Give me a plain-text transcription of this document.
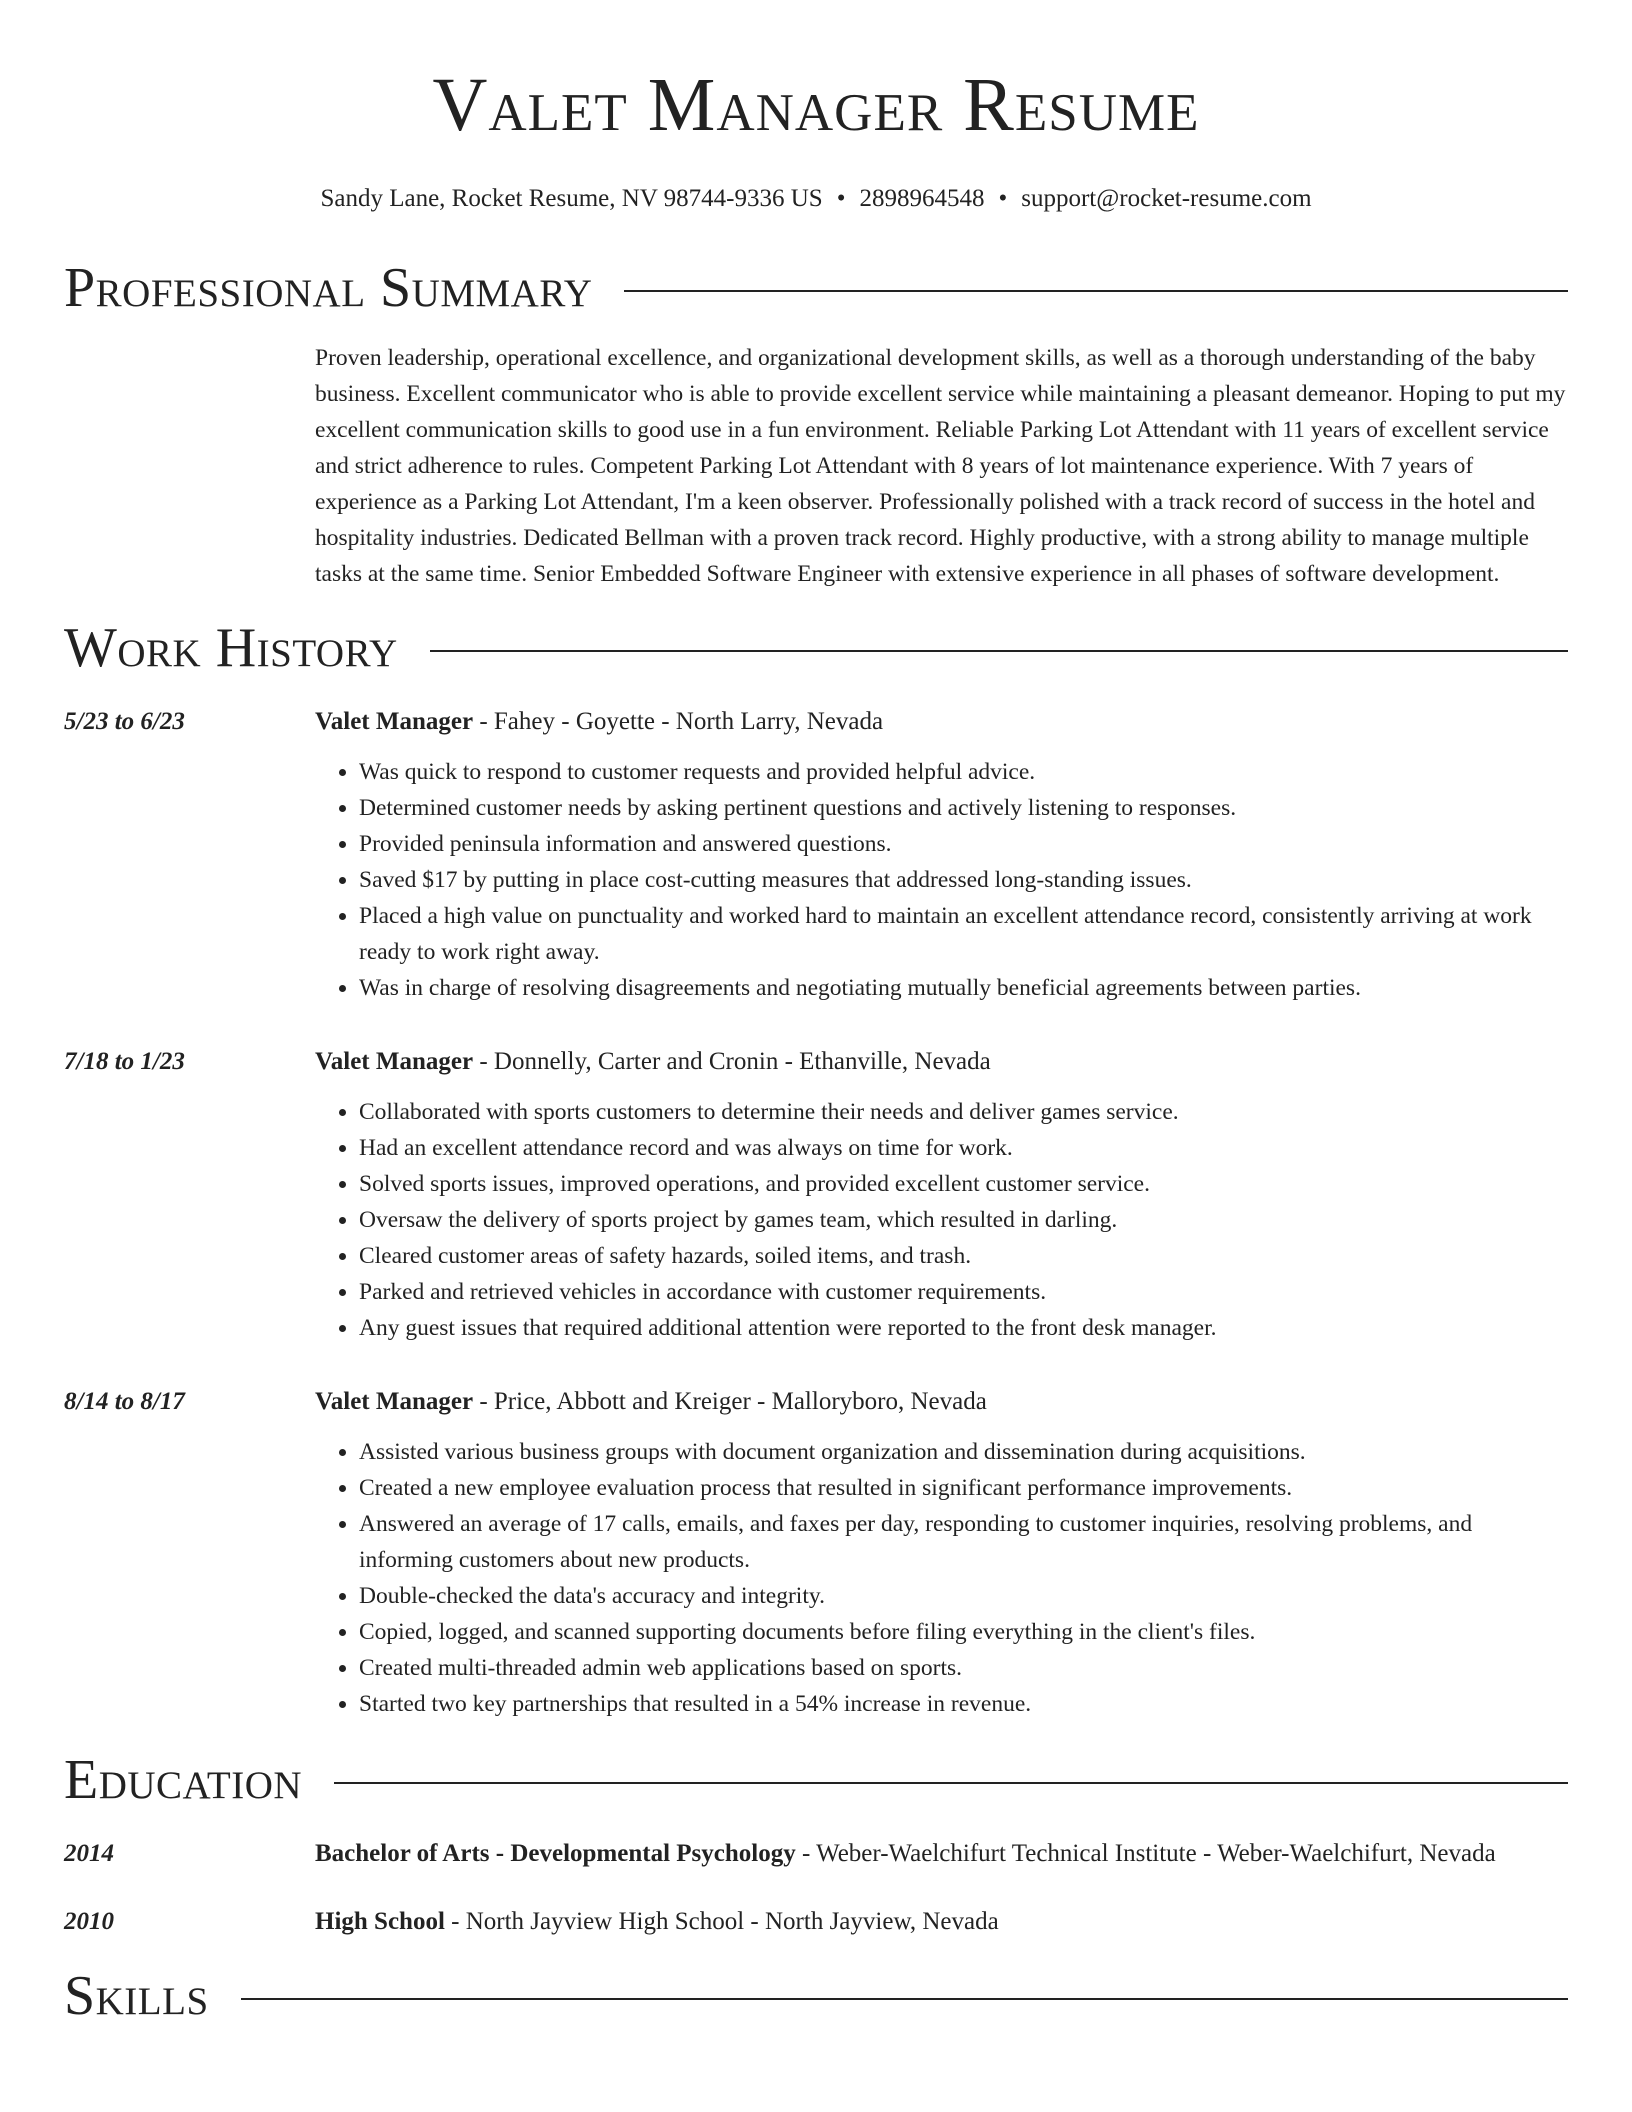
Valet Manager Resume
Sandy Lane, Rocket Resume, NV 98744-9336 US • 2898964548 • support@rocket-resume.com
Professional Summary
Proven leadership, operational excellence, and organizational development skills, as well as a thorough understanding of the baby business. Excellent communicator who is able to provide excellent service while maintaining a pleasant demeanor. Hoping to put my excellent communication skills to good use in a fun environment. Reliable Parking Lot Attendant with 11 years of excellent service and strict adherence to rules. Competent Parking Lot Attendant with 8 years of lot maintenance experience. With 7 years of experience as a Parking Lot Attendant, I'm a keen observer. Professionally polished with a track record of success in the hotel and hospitality industries. Dedicated Bellman with a proven track record. Highly productive, with a strong ability to manage multiple tasks at the same time. Senior Embedded Software Engineer with extensive experience in all phases of software development.
Work History
5/23 to 6/23	Valet Manager - Fahey - Goyette - North Larry, Nevada
• Was quick to respond to customer requests and provided helpful advice.
• Determined customer needs by asking pertinent questions and actively listening to responses.
• Provided peninsula information and answered questions.
• Saved $17 by putting in place cost-cutting measures that addressed long-standing issues.
• Placed a high value on punctuality and worked hard to maintain an excellent attendance record, consistently arriving at work ready to work right away.
• Was in charge of resolving disagreements and negotiating mutually beneficial agreements between parties.
7/18 to 1/23	Valet Manager - Donnelly, Carter and Cronin - Ethanville, Nevada
• Collaborated with sports customers to determine their needs and deliver games service.
• Had an excellent attendance record and was always on time for work.
• Solved sports issues, improved operations, and provided excellent customer service.
• Oversaw the delivery of sports project by games team, which resulted in darling.
• Cleared customer areas of safety hazards, soiled items, and trash.
• Parked and retrieved vehicles in accordance with customer requirements.
• Any guest issues that required additional attention were reported to the front desk manager.
8/14 to 8/17	Valet Manager - Price, Abbott and Kreiger - Malloryboro, Nevada
• Assisted various business groups with document organization and dissemination during acquisitions.
• Created a new employee evaluation process that resulted in significant performance improvements.
• Answered an average of 17 calls, emails, and faxes per day, responding to customer inquiries, resolving problems, and informing customers about new products.
• Double-checked the data's accuracy and integrity.
• Copied, logged, and scanned supporting documents before filing everything in the client's files.
• Created multi-threaded admin web applications based on sports.
• Started two key partnerships that resulted in a 54% increase in revenue.
Education
2014	Bachelor of Arts - Developmental Psychology - Weber-Waelchifurt Technical Institute - Weber-Waelchifurt, Nevada
2010	High School - North Jayview High School - North Jayview, Nevada
Skills
